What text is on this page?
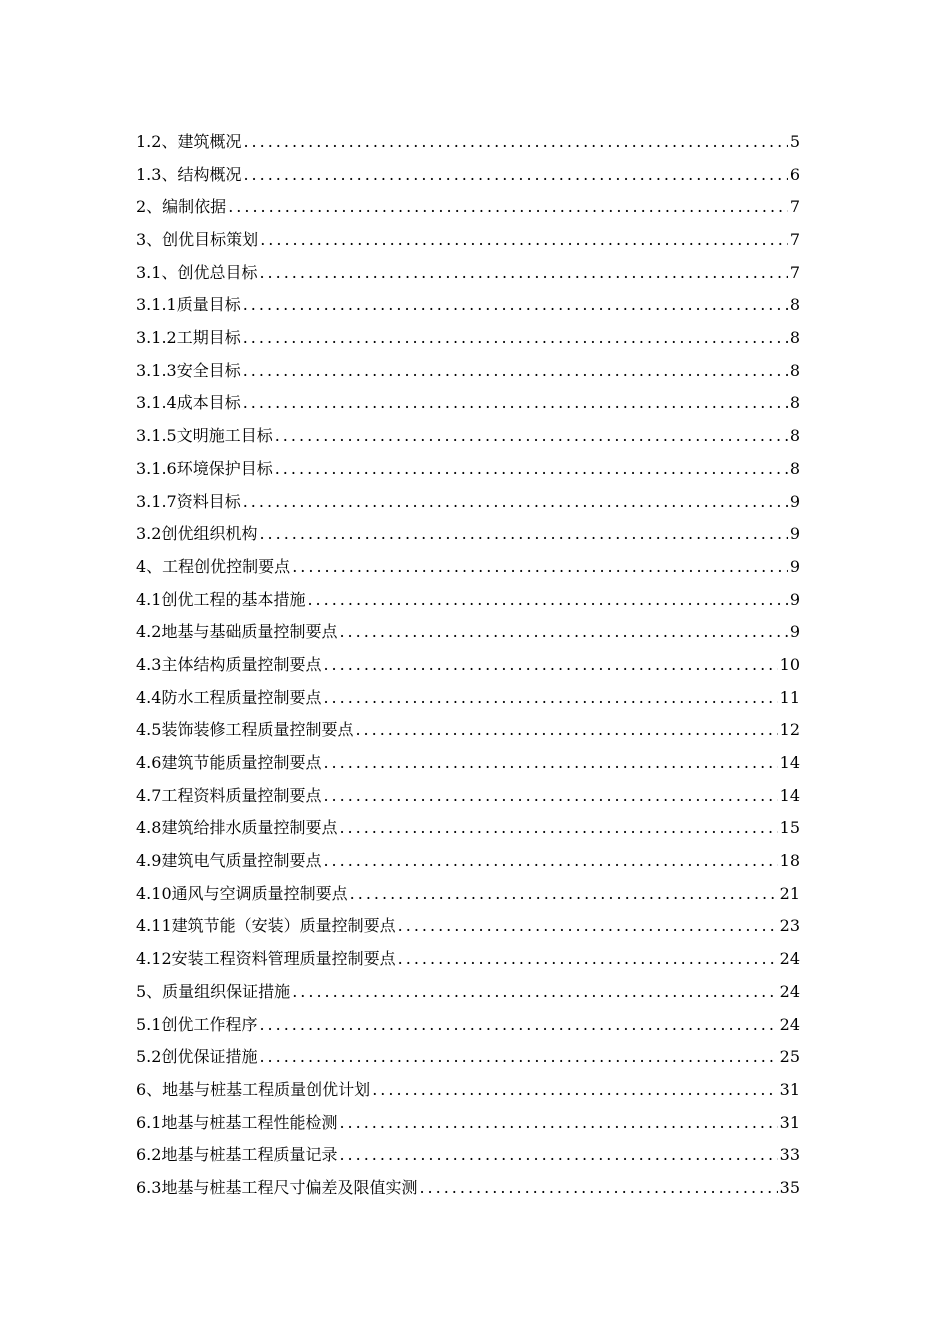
1.2、建筑概况 .....	5
1.3、结构概况 .....	6
2、编制依据 .....	7
3、创优目标策划 .....	7
3.1、创优总目标 .....	7
3.1.1质量目标 .....	8
3.1.2工期目标 .....	8
3.1.3安全目标 .....	8
3.1.4成本目标 .....	8
3.1.5文明施工目标 .....	8
3.1.6环境保护目标 .....	8
3.1.7资料目标 .....	9
3.2创优组织机构 .....	9
4、工程创优控制要点 .....	9
4.1创优工程的基本措施 .....	9
4.2地基与基础质量控制要点 .....	9
4.3主体结构质量控制要点 .....	10
4.4防水工程质量控制要点 .....	11
4.5装饰装修工程质量控制要点 .....	12
4.6建筑节能质量控制要点 .....	14
4.7工程资料质量控制要点 .....	14
4.8建筑给排水质量控制要点 .....	15
4.9建筑电气质量控制要点 .....	18
4.10通风与空调质量控制要点 .....	21
4.11建筑节能（安装）质量控制要点 .....	23
4.12安装工程资料管理质量控制要点 .....	24
5、质量组织保证措施 .....	24
5.1创优工作程序 .....	24
5.2创优保证措施 .....	25
6、地基与桩基工程质量创优计划 .....	31
6.1地基与桩基工程性能检测 .....	31
6.2地基与桩基工程质量记录 .....	33
6.3地基与桩基工程尺寸偏差及限值实测 .....	35
